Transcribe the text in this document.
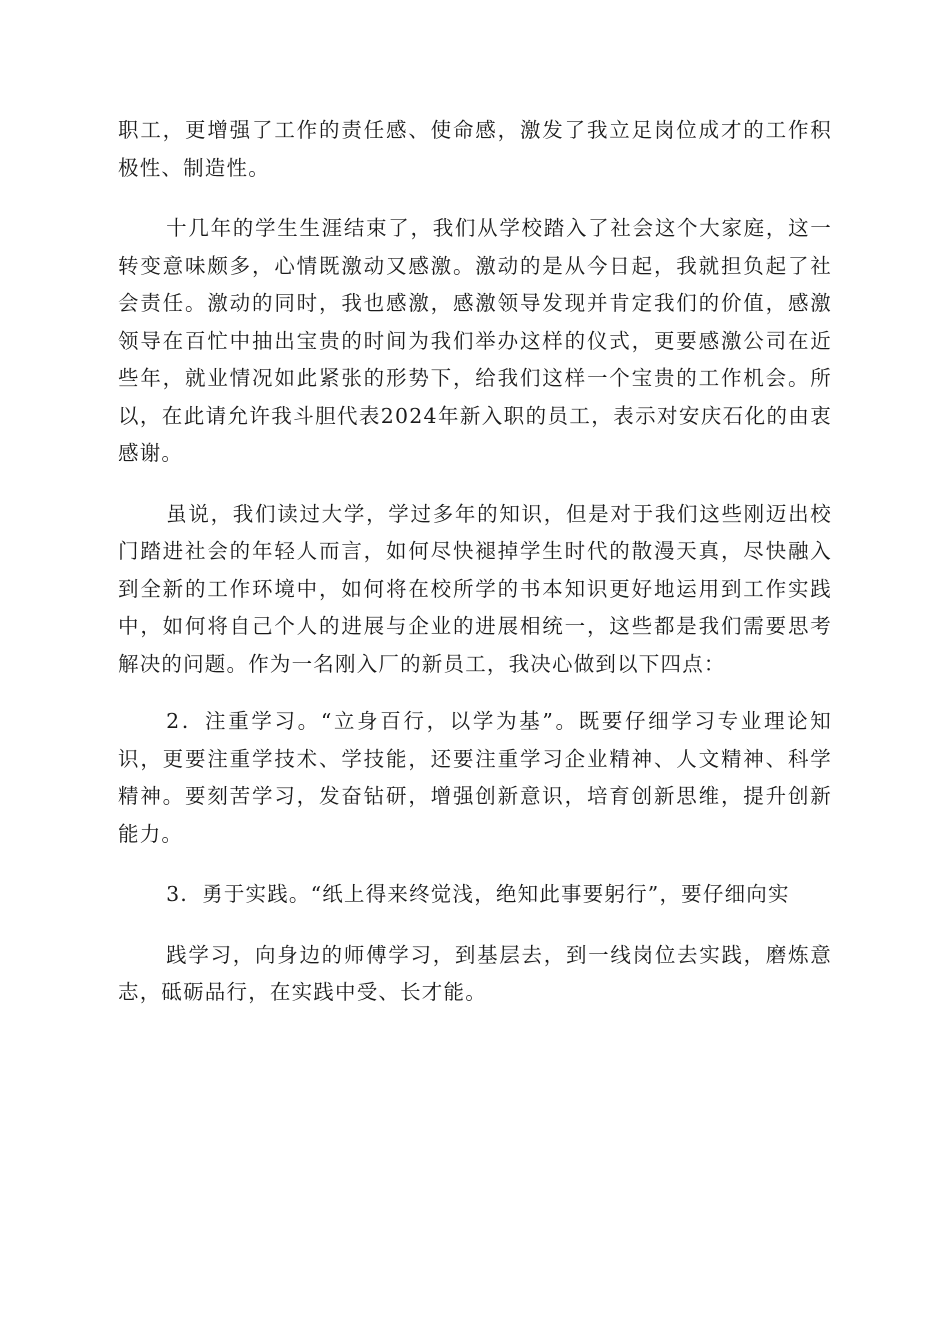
职工，更增强了工作的责任感、使命感，激发了我立足岗位成才的工作积极性、制造性。

十几年的学生生涯结束了，我们从学校踏入了社会这个大家庭，这一转变意味颇多，心情既激动又感激。激动的是从今日起，我就担负起了社会责任。激动的同时，我也感激，感激领导发现并肯定我们的价值，感激领导在百忙中抽出宝贵的时间为我们举办这样的仪式，更要感激公司在近些年，就业情况如此紧张的形势下，给我们这样一个宝贵的工作机会。所以，在此请允许我斗胆代表2024年新入职的员工，表示对安庆石化的由衷感谢。

虽说，我们读过大学，学过多年的知识，但是对于我们这些刚迈出校门踏进社会的年轻人而言，如何尽快褪掉学生时代的散漫天真，尽快融入到全新的工作环境中，如何将在校所学的书本知识更好地运用到工作实践中，如何将自己个人的进展与企业的进展相统一，这些都是我们需要思考解决的问题。作为一名刚入厂的新员工，我决心做到以下四点：

2．注重学习。“立身百行，以学为基”。既要仔细学习专业理论知识，更要注重学技术、学技能，还要注重学习企业精神、人文精神、科学精神。要刻苦学习，发奋钻研，增强创新意识，培育创新思维，提升创新能力。

3．勇于实践。“纸上得来终觉浅，绝知此事要躬行”，要仔细向实

践学习，向身边的师傅学习，到基层去，到一线岗位去实践，磨炼意志，砥砺品行，在实践中受、长才能。
